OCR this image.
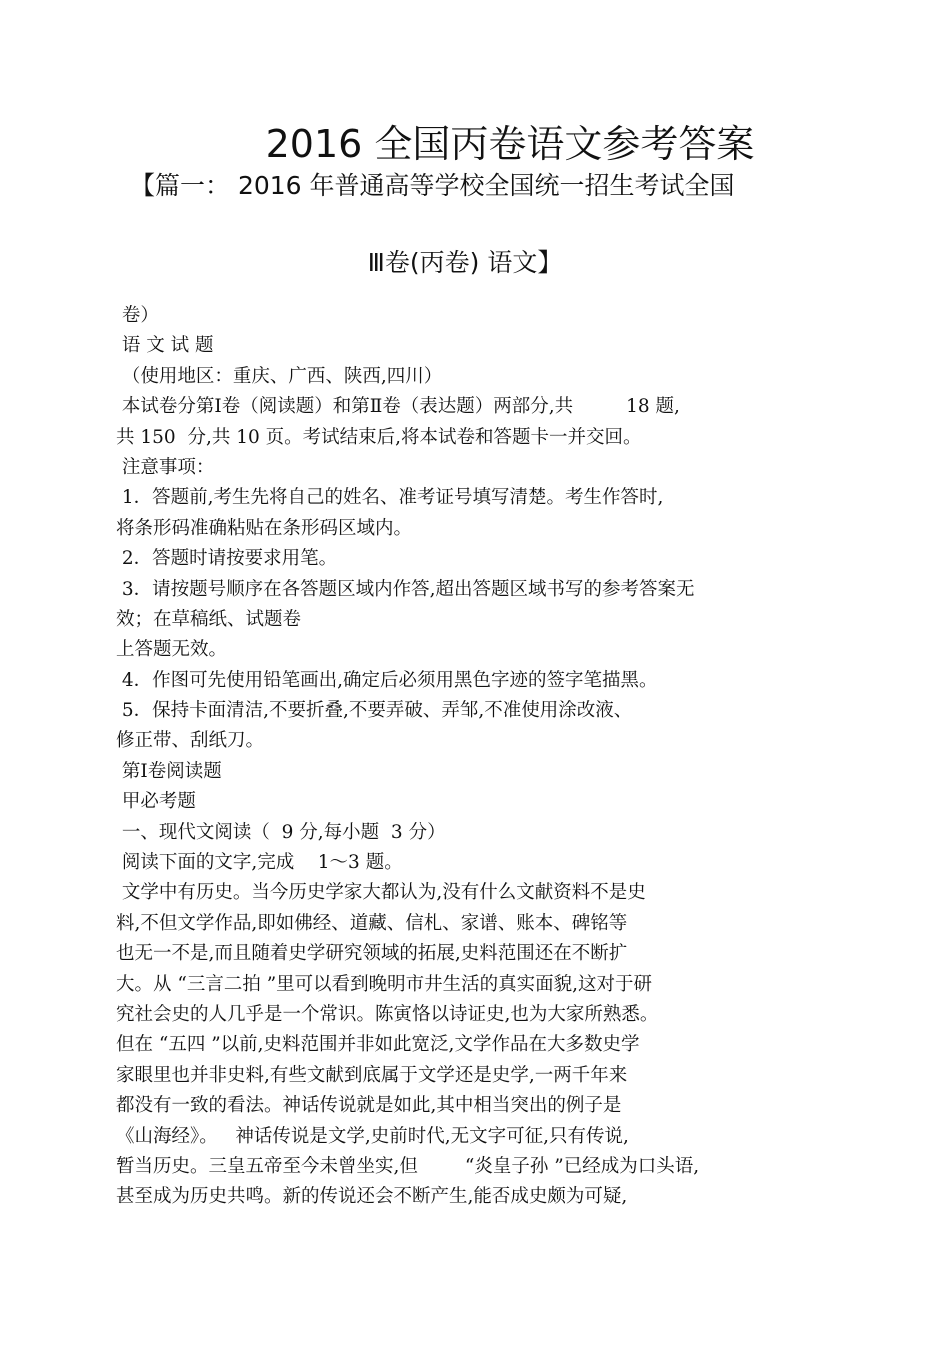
2016 全国丙卷语文参考答案
【篇一： 2016 年普通高等学校全国统一招生考试全国
Ⅲ卷(丙卷) 语文】
卷）
语 文 试 题
（使用地区：重庆、广西、陕西,四川）
本试卷分第Ⅰ卷（阅读题）和第Ⅱ卷（表达题）两部分,共         18 题,
共 150  分,共 10 页。考试结束后,将本试卷和答题卡一并交回。
注意事项：
1．答题前,考生先将自己的姓名、准考证号填写清楚。考生作答时,
将条形码准确粘贴在条形码区域内。
2．答题时请按要求用笔。
3．请按题号顺序在各答题区域内作答,超出答题区域书写的参考答案无
效；在草稿纸、试题卷
上答题无效。
4．作图可先使用铅笔画出,确定后必须用黑色字迹的签字笔描黑。
5．保持卡面清洁,不要折叠,不要弄破、弄邹,不准使用涂改液、
修正带、刮纸刀。
第Ⅰ卷阅读题
甲必考题
一、现代文阅读（  9 分,每小题  3 分）
阅读下面的文字,完成    1～3 题。
文学中有历史。当今历史学家大都认为,没有什么文献资料不是史
料,不但文学作品,即如佛经、道藏、信札、家谱、账本、碑铭等
也无一不是,而且随着史学研究领域的拓展,史料范围还在不断扩
大。从 “三言二拍 ”里可以看到晚明市井生活的真实面貌,这对于研
究社会史的人几乎是一个常识。陈寅恪以诗证史,也为大家所熟悉。
但在 “五四 ”以前,史料范围并非如此宽泛,文学作品在大多数史学
家眼里也并非史料,有些文献到底属于文学还是史学,一两千年来
都没有一致的看法。神话传说就是如此,其中相当突出的例子是
《山海经》。   神话传说是文学,史前时代,无文字可征,只有传说,
暂当历史。三皇五帝至今未曾坐实,但        “炎皇子孙 ”已经成为口头语,
甚至成为历史共鸣。新的传说还会不断产生,能否成史颇为可疑,
